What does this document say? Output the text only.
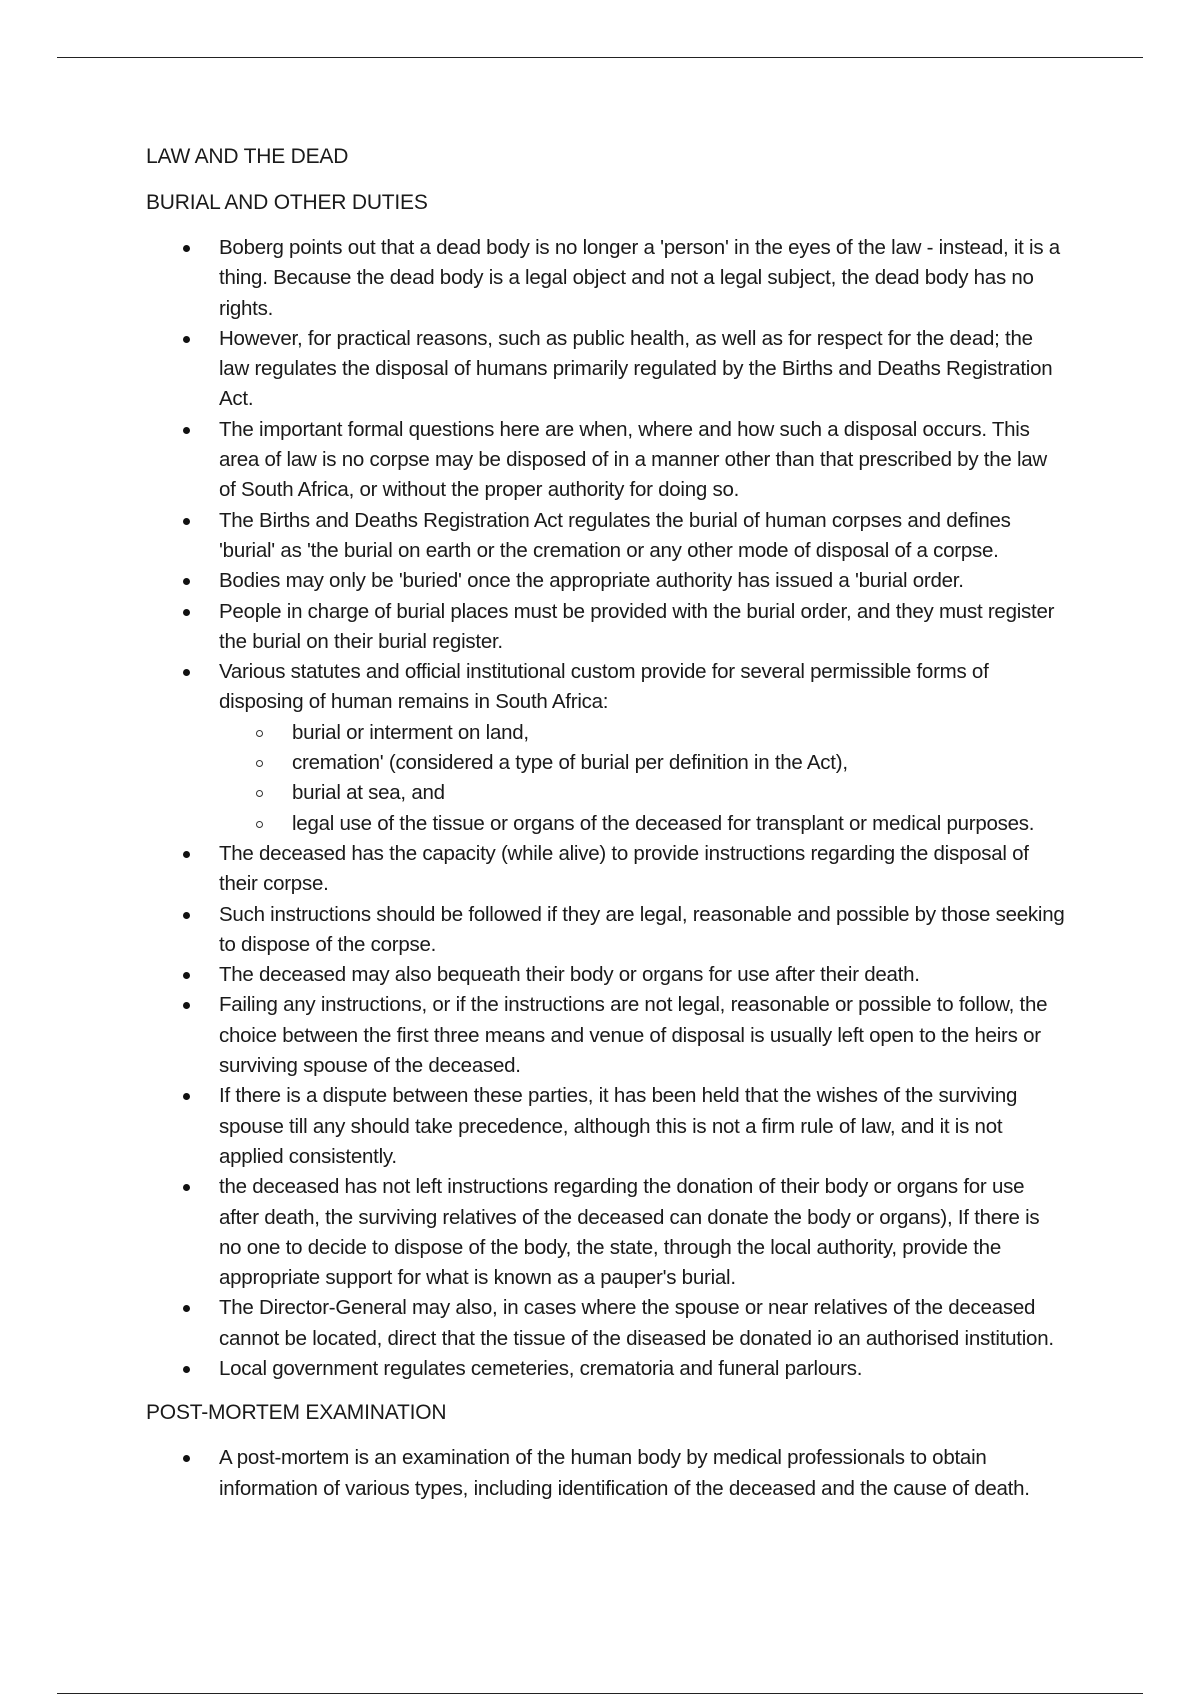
LAW AND THE DEAD
BURIAL AND OTHER DUTIES
Boberg points out that a dead body is no longer a 'person' in the eyes of the law - instead, it is a thing. Because the dead body is a legal object and not a legal subject, the dead body has no rights.
However, for practical reasons, such as public health, as well as for respect for the dead; the law regulates the disposal of humans primarily regulated by the Births and Deaths Registration Act.
The important formal questions here are when, where and how such a disposal occurs. This area of law is no corpse may be disposed of in a manner other than that prescribed by the law of South Africa, or without the proper authority for doing so.
The Births and Deaths Registration Act regulates the burial of human corpses and defines 'burial' as 'the burial on earth or the cremation or any other mode of disposal of a corpse.
Bodies may only be 'buried' once the appropriate authority has issued a 'burial order.
People in charge of burial places must be provided with the burial order, and they must register the burial on their burial register.
Various statutes and official institutional custom provide for several permissible forms of disposing of human remains in South Africa:
burial or interment on land,
cremation' (considered a type of burial per definition in the Act),
burial at sea, and
legal use of the tissue or organs of the deceased for transplant or medical purposes.
The deceased has the capacity (while alive) to provide instructions regarding the disposal of their corpse.
Such instructions should be followed if they are legal, reasonable and possible by those seeking to dispose of the corpse.
The deceased may also bequeath their body or organs for use after their death.
Failing any instructions, or if the instructions are not legal, reasonable or possible to follow, the choice between the first three means and venue of disposal is usually left open to the heirs or surviving spouse of the deceased.
If there is a dispute between these parties, it has been held that the wishes of the surviving spouse till any should take precedence, although this is not a firm rule of law, and it is not applied consistently.
the deceased has not left instructions regarding the donation of their body or organs for use after death, the surviving relatives of the deceased can donate the body or organs), If there is no one to decide to dispose of the body, the state, through the local authority, provide the appropriate support for what is known as a pauper's burial.
The Director-General may also, in cases where the spouse or near relatives of the deceased cannot be located, direct that the tissue of the diseased be donated io an authorised institution.
Local government regulates cemeteries, crematoria and funeral parlours.
POST-MORTEM EXAMINATION
A post-mortem is an examination of the human body by medical professionals to obtain information of various types, including identification of the deceased and the cause of death.
